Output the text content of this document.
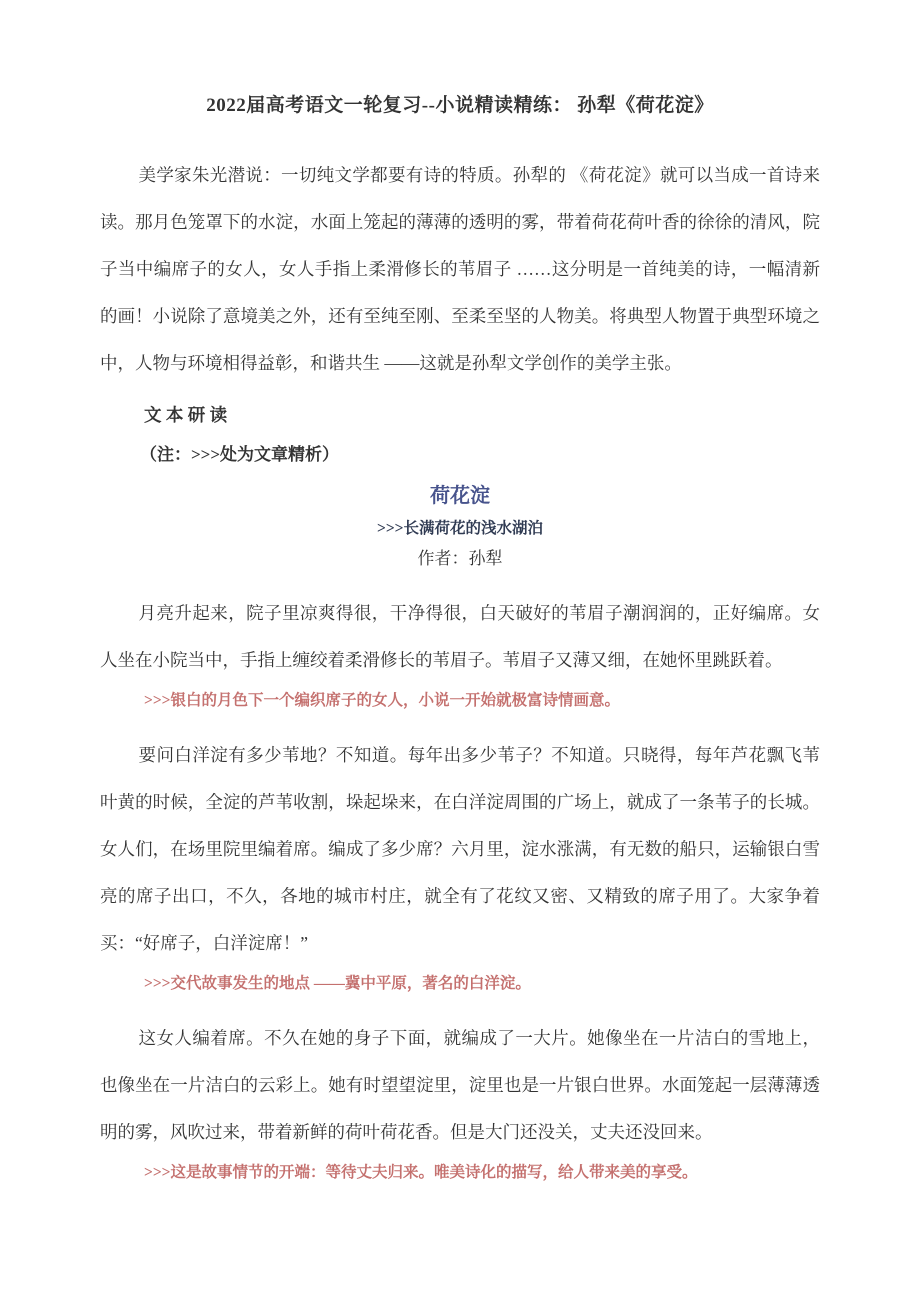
2022届高考语文一轮复习--小说精读精练： 孙犁《荷花淀》

美学家朱光潜说：一切纯文学都要有诗的特质。孙犁的 《荷花淀》就可以当成一首诗来读。那月色笼罩下的水淀，水面上笼起的薄薄的透明的雾，带着荷花荷叶香的徐徐的清风，院子当中编席子的女人，女人手指上柔滑修长的苇眉子 ……这分明是一首纯美的诗，一幅清新的画！小说除了意境美之外，还有至纯至刚、至柔至坚的人物美。将典型人物置于典型环境之中，人物与环境相得益彰，和谐共生 ——这就是孙犁文学创作的美学主张。

文 本 研 读

（注：>>>处为文章精析）

荷花淀

>>>长满荷花的浅水湖泊

作者：孙犁

月亮升起来，院子里凉爽得很，干净得很，白天破好的苇眉子潮润润的，正好编席。女人坐在小院当中，手指上缠绞着柔滑修长的苇眉子。苇眉子又薄又细，在她怀里跳跃着。

>>>银白的月色下一个编织席子的女人，小说一开始就极富诗情画意。

要问白洋淀有多少苇地？不知道。每年出多少苇子？不知道。只晓得，每年芦花飘飞苇叶黄的时候，全淀的芦苇收割，垛起垛来，在白洋淀周围的广场上，就成了一条苇子的长城。女人们，在场里院里编着席。编成了多少席？六月里，淀水涨满，有无数的船只，运输银白雪亮的席子出口，不久，各地的城市村庄，就全有了花纹又密、又精致的席子用了。大家争着买：“好席子，白洋淀席！”

>>>交代故事发生的地点 ——冀中平原，著名的白洋淀。

这女人编着席。不久在她的身子下面，就编成了一大片。她像坐在一片洁白的雪地上，也像坐在一片洁白的云彩上。她有时望望淀里，淀里也是一片银白世界。水面笼起一层薄薄透明的雾，风吹过来，带着新鲜的荷叶荷花香。但是大门还没关，丈夫还没回来。

>>>这是故事情节的开端：等待丈夫归来。唯美诗化的描写，给人带来美的享受。
